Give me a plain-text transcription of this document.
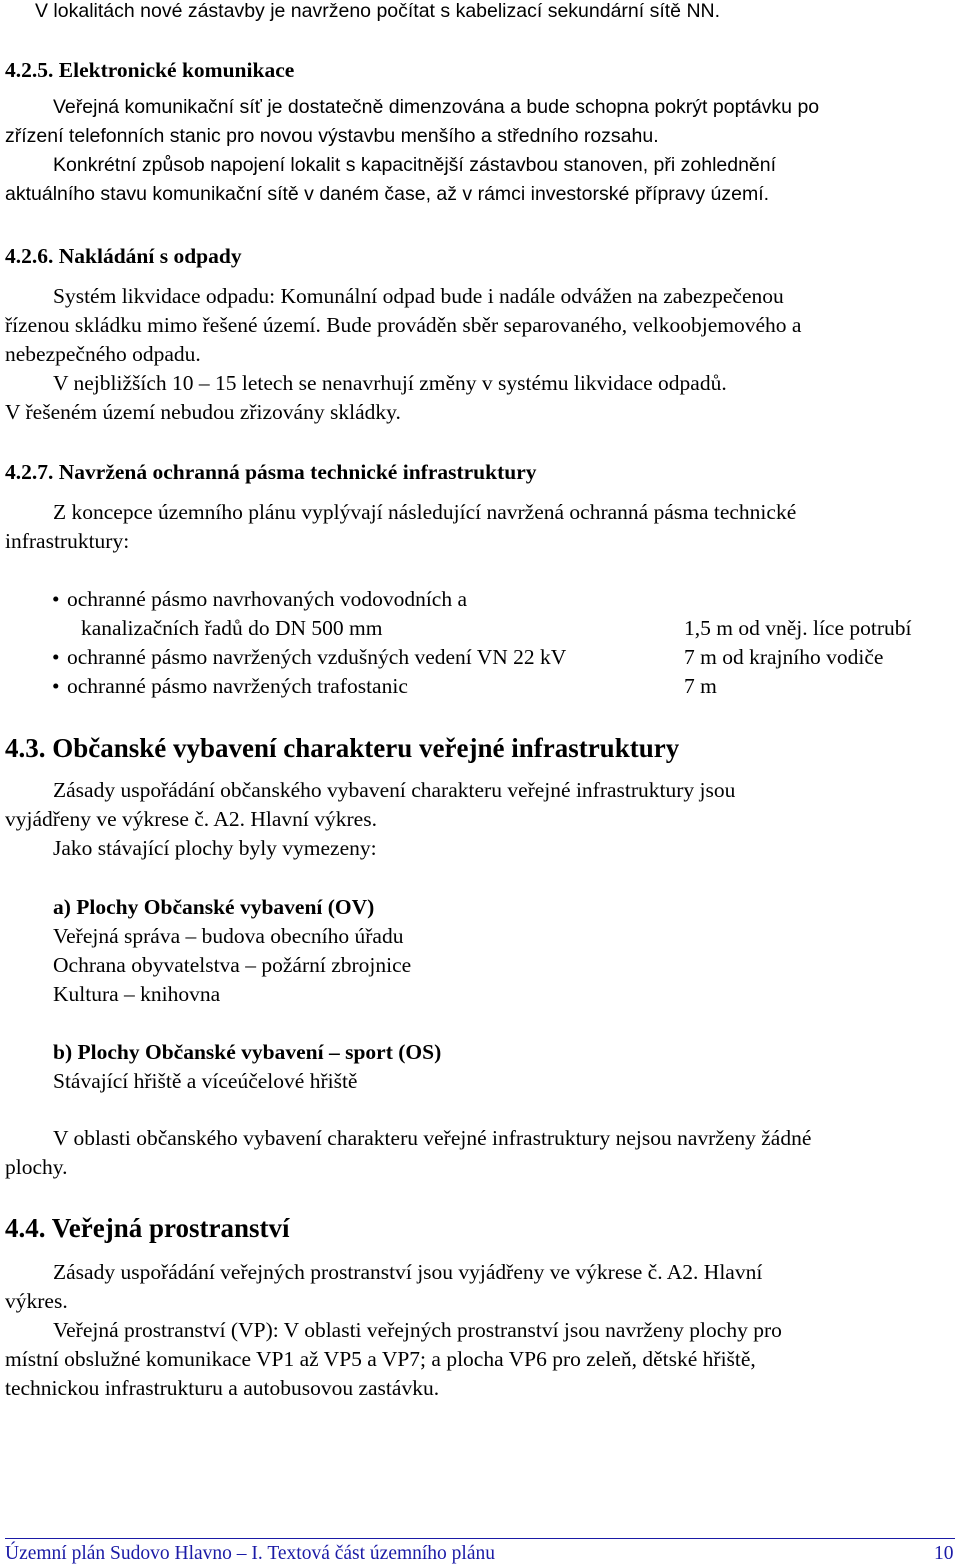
V lokalitách nové zástavby je navrženo počítat s kabelizací sekundární sítě NN.
4.2.5. Elektronické komunikace
Veřejná komunikační síť je dostatečně dimenzována a bude schopna pokrýt poptávku po
zřízení telefonních stanic pro novou výstavbu menšího a středního rozsahu.
Konkrétní způsob napojení lokalit s kapacitnější zástavbou stanoven, při zohlednění
aktuálního stavu komunikační sítě v daném čase, až v rámci investorské přípravy území.
4.2.6. Nakládání s odpady
Systém likvidace odpadu: Komunální odpad bude i nadále odvážen na zabezpečenou
řízenou skládku mimo řešené území. Bude prováděn sběr separovaného, velkoobjemového a
nebezpečného odpadu.
V nejbližších 10 – 15 letech se nenavrhují změny v systému likvidace odpadů.
V řešeném území nebudou zřizovány skládky.
4.2.7. Navržená ochranná pásma technické infrastruktury
Z koncepce územního plánu vyplývají následující navržená ochranná pásma technické
infrastruktury:
• ochranné pásmo navrhovaných vodovodních a
kanalizačních řadů do DN 500 mm	1,5 m od vněj. líce potrubí
• ochranné pásmo navržených vzdušných vedení VN 22 kV	7 m od krajního vodiče
• ochranné pásmo navržených trafostanic	7 m
4.3. Občanské vybavení charakteru veřejné infrastruktury
Zásady uspořádání občanského vybavení charakteru veřejné infrastruktury jsou
vyjádřeny ve výkrese č. A2. Hlavní výkres.
Jako stávající plochy byly vymezeny:
a) Plochy Občanské vybavení (OV)
Veřejná správa – budova obecního úřadu
Ochrana obyvatelstva – požární zbrojnice
Kultura – knihovna
b) Plochy Občanské vybavení – sport (OS)
Stávající hřiště a víceúčelové hřiště
V oblasti občanského vybavení charakteru veřejné infrastruktury nejsou navrženy žádné
plochy.
4.4. Veřejná prostranství
Zásady uspořádání veřejných prostranství jsou vyjádřeny ve výkrese č. A2. Hlavní
výkres.
Veřejná prostranství (VP): V oblasti veřejných prostranství jsou navrženy plochy pro
místní obslužné komunikace VP1 až VP5 a VP7; a plocha VP6 pro zeleň, dětské hřiště,
technickou infrastrukturu a autobusovou zastávku.
Územní plán Sudovo Hlavno – I. Textová část územního plánu	10
